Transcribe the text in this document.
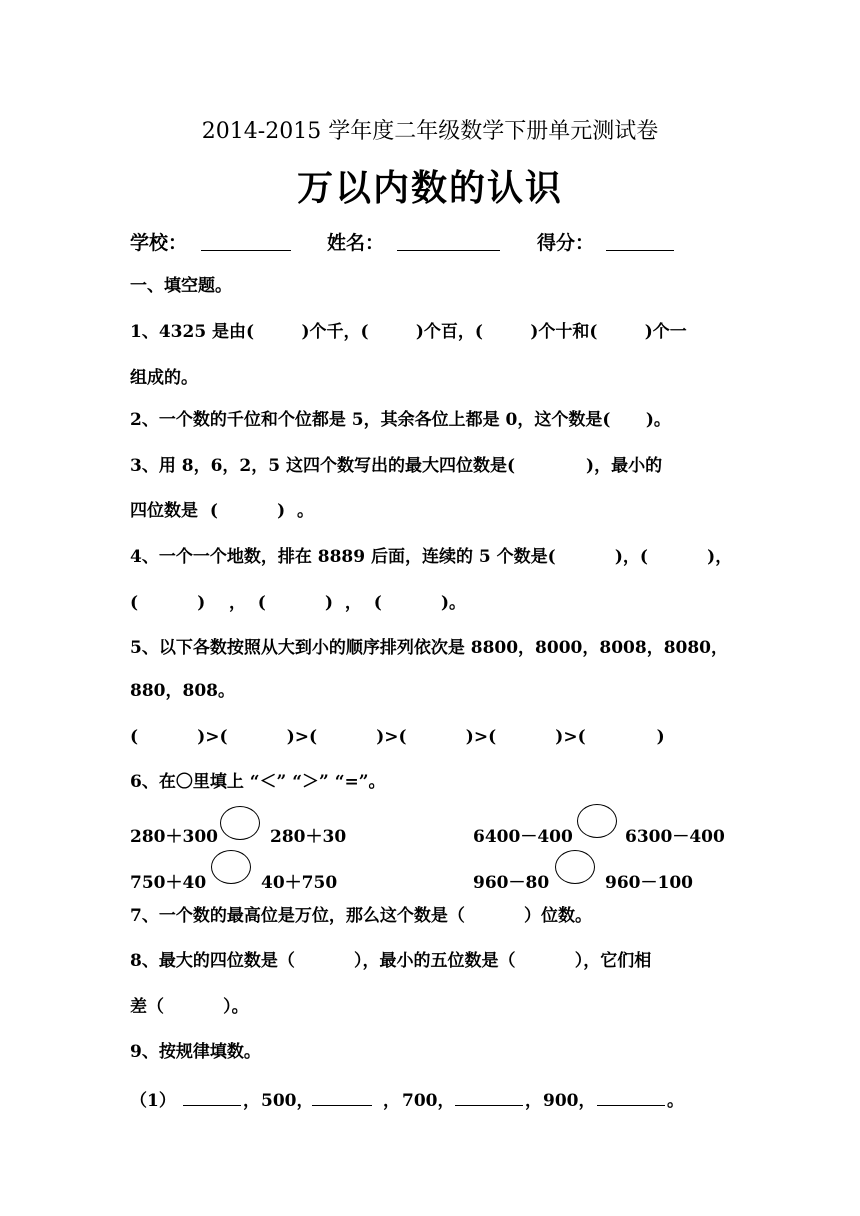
2014-2015 学年度二年级数学下册单元测试卷
万以内数的认识
学校：	姓名：	得分：
一、填空题。
1、4325 是由(        )个千，(        )个百，(        )个十和(        )个一
组成的。
2、一个数的千位和个位都是 5，其余各位上都是 0，这个数是(      )。
3、用 8，6，2，5 这四个数写出的最大四位数是(            )，最小的
四位数是  (          )  。
4、一个一个地数，排在 8889 后面，连续的 5 个数是(          )，(          )，
(          )    ，  (          )  ，  (          )。
5、以下各数按照从大到小的顺序排列依次是 8800，8000，8008，8080，
880，808。
(          )>(          )>(          )>(          )>(          )>(            )
6、在〇里填上 “＜” “＞” “=”。
280＋300	280＋30	6400－400	6300－400
750＋40	40＋750	960－80	960－100
7、一个数的最高位是万位，那么这个数是（          ）位数。
8、最大的四位数是（          ），最小的五位数是（          ），它们相
差（          ）。
9、按规律填数。
（1）	， 500，	， 700，	， 900，	。
